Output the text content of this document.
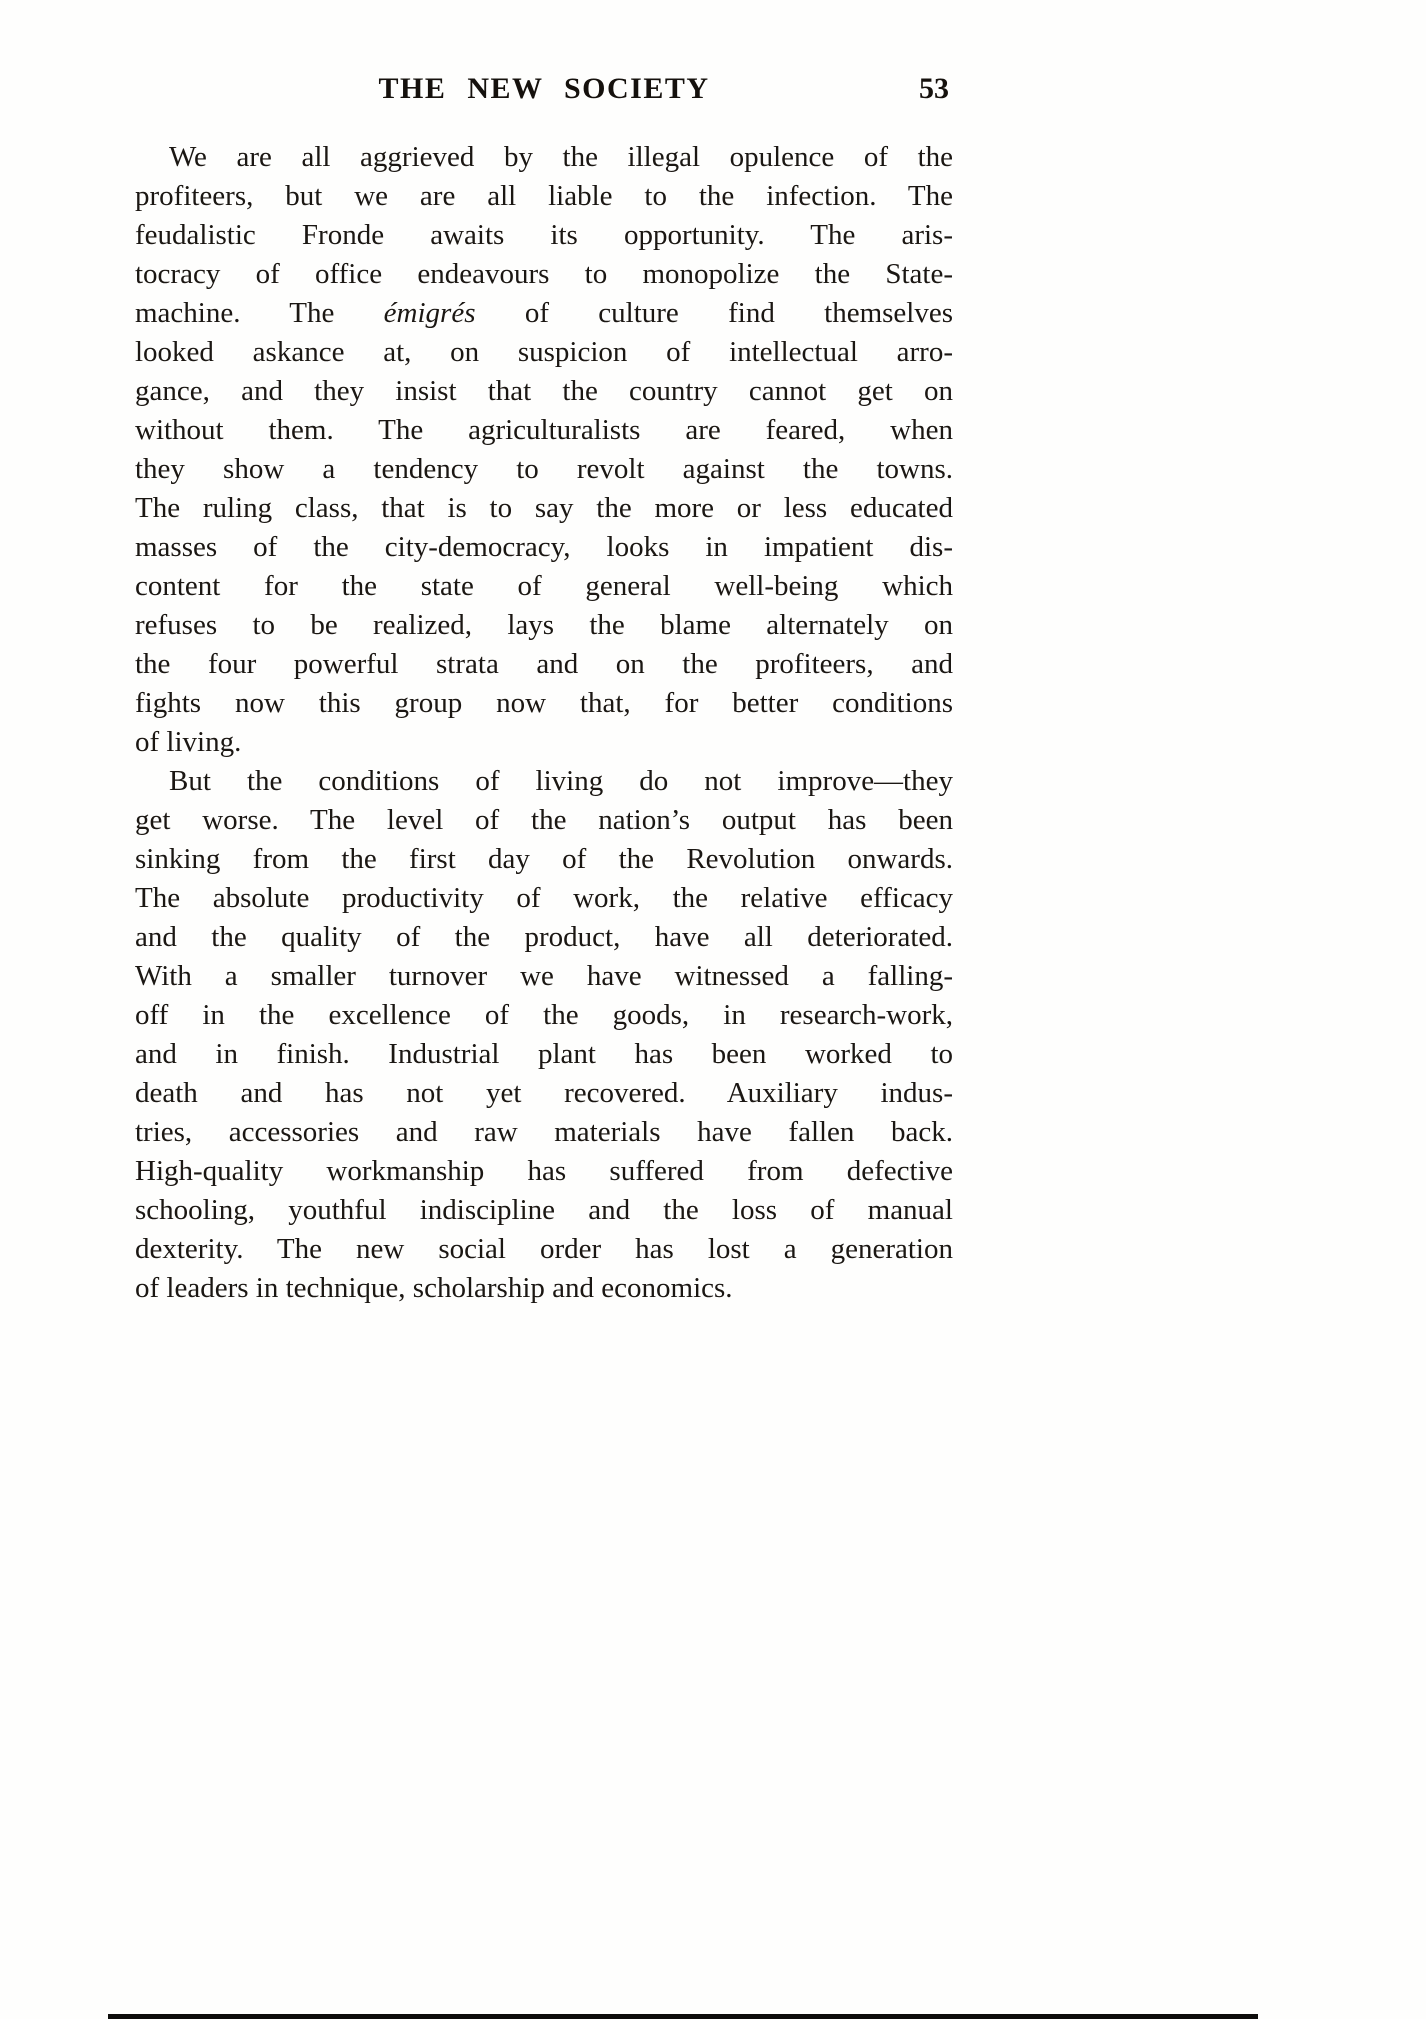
THE NEW SOCIETY	53
We are all aggrieved by the illegal opulence of the
profiteers, but we are all liable to the infection. The
feudalistic Fronde awaits its opportunity. The aris-
tocracy of office endeavours to monopolize the State-
machine. The émigrés of culture find themselves
looked askance at, on suspicion of intellectual arro-
gance, and they insist that the country cannot get on
without them. The agriculturalists are feared, when
they show a tendency to revolt against the towns.
The ruling class, that is to say the more or less educated
masses of the city-democracy, looks in impatient dis-
content for the state of general well-being which
refuses to be realized, lays the blame alternately on
the four powerful strata and on the profiteers, and
fights now this group now that, for better conditions
of living.
But the conditions of living do not improve—they
get worse. The level of the nation’s output has been
sinking from the first day of the Revolution onwards.
The absolute productivity of work, the relative efficacy
and the quality of the product, have all deteriorated.
With a smaller turnover we have witnessed a falling-
off in the excellence of the goods, in research-work,
and in finish. Industrial plant has been worked to
death and has not yet recovered. Auxiliary indus-
tries, accessories and raw materials have fallen back.
High-quality workmanship has suffered from defective
schooling, youthful indiscipline and the loss of manual
dexterity. The new social order has lost a generation
of leaders in technique, scholarship and economics.
